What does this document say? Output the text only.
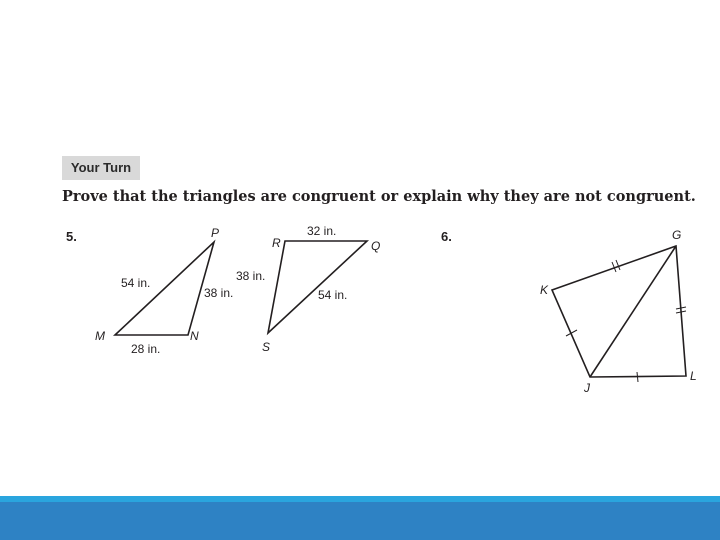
Your Turn
Prove that the triangles are congruent or explain why they are not congruent.
5.	P
M	N
54 in.
38 in.
28 in.
R	Q
S
32 in.
38 in.
54 in.
6.	G
K
J
L
